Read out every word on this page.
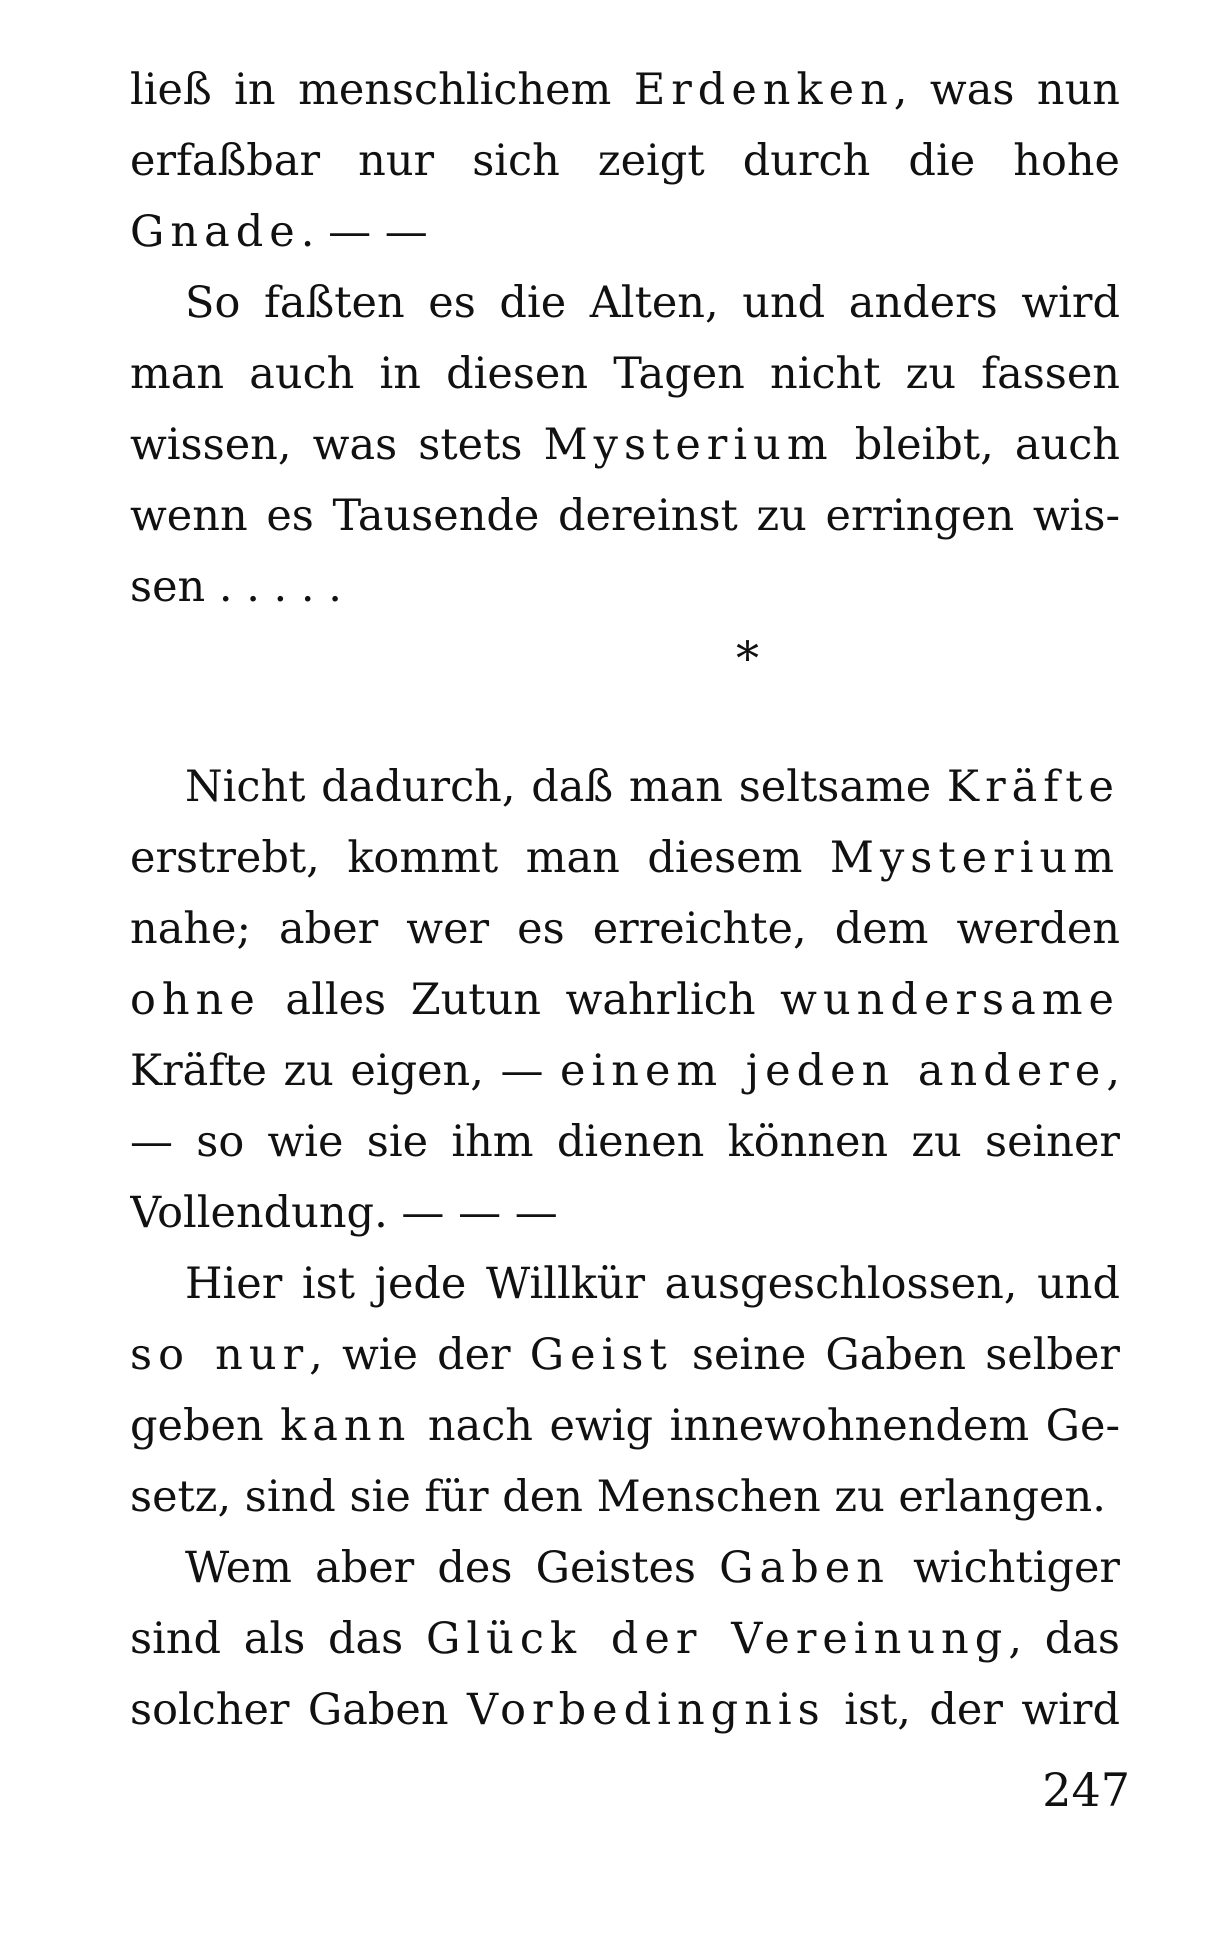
ließ in menschlichem Erdenken, was nun
erfaßbar nur sich zeigt durch die hohe
Gnade. — —
So faßten es die Alten, und anders wird
man auch in diesen Tagen nicht zu fassen
wissen, was stets Mysterium bleibt, auch
wenn es Tausende dereinst zu erringen wis-
sen . . . . .
*
Nicht dadurch, daß man seltsame Kräfte
erstrebt, kommt man diesem Mysterium
nahe; aber wer es erreichte, dem werden
ohne alles Zutun wahrlich wundersame
Kräfte zu eigen, — einem jeden andere,
— so wie sie ihm dienen können zu seiner
Vollendung. — — —
Hier ist jede Willkür ausgeschlossen, und
so nur, wie der Geist seine Gaben selber
geben kann nach ewig innewohnendem Ge-
setz, sind sie für den Menschen zu erlangen.
Wem aber des Geistes Gaben wichtiger
sind als das Glück der Vereinung, das
solcher Gaben Vorbedingnis ist, der wird
247
